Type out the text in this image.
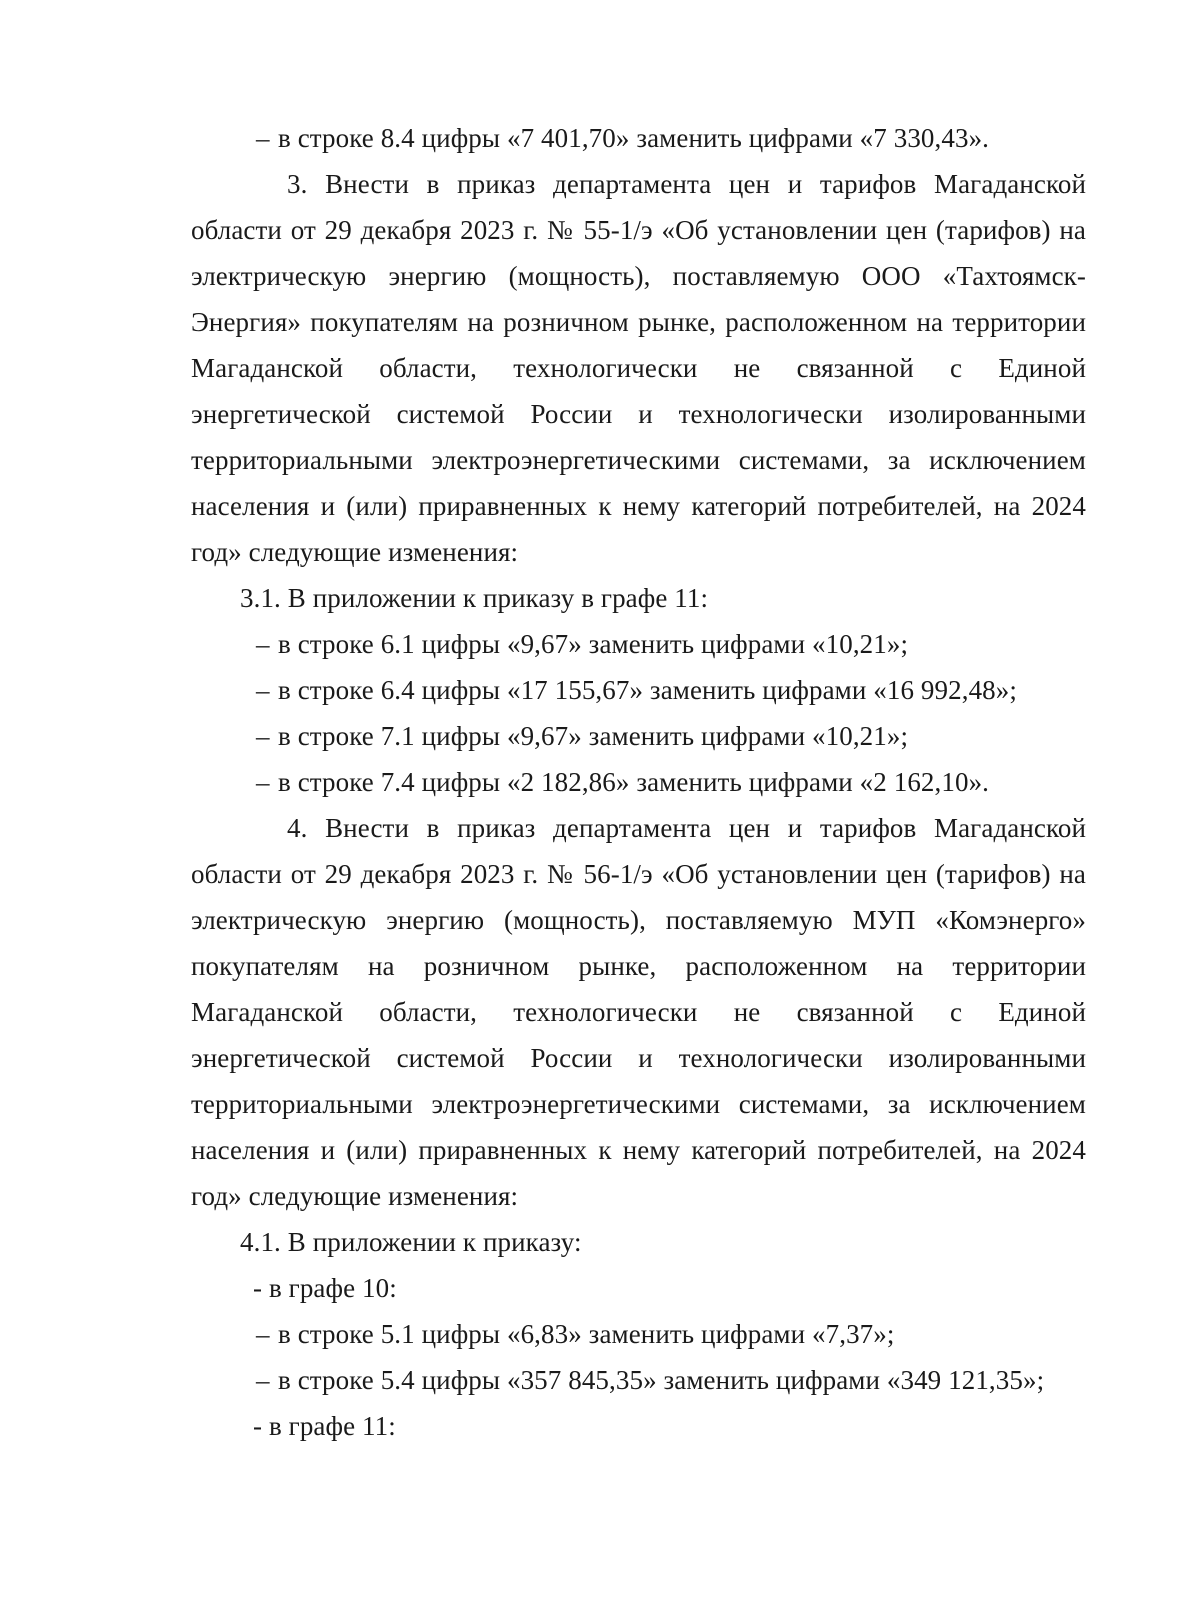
– в строке 8.4 цифры «7 401,70» заменить цифрами «7 330,43».
3. Внести в приказ департамента цен и тарифов Магаданской
области от 29 декабря 2023 г. № 55-1/э «Об установлении цен (тарифов) на
электрическую энергию (мощность), поставляемую ООО «Тахтоямск-
Энергия» покупателям на розничном рынке, расположенном на территории
Магаданской области, технологически не связанной с Единой
энергетической системой России и технологически изолированными
территориальными электроэнергетическими системами, за исключением
населения и (или) приравненных к нему категорий потребителей, на 2024
год» следующие изменения:
3.1. В приложении к приказу в графе 11:
– в строке 6.1 цифры «9,67» заменить цифрами «10,21»;
– в строке 6.4 цифры «17 155,67» заменить цифрами «16 992,48»;
– в строке 7.1 цифры «9,67» заменить цифрами «10,21»;
– в строке 7.4 цифры «2 182,86» заменить цифрами «2 162,10».
4. Внести в приказ департамента цен и тарифов Магаданской
области от 29 декабря 2023 г. № 56-1/э «Об установлении цен (тарифов) на
электрическую энергию (мощность), поставляемую МУП «Комэнерго»
покупателям на розничном рынке, расположенном на территории
Магаданской области, технологически не связанной с Единой
энергетической системой России и технологически изолированными
территориальными электроэнергетическими системами, за исключением
населения и (или) приравненных к нему категорий потребителей, на 2024
год» следующие изменения:
4.1. В приложении к приказу:
- в графе 10:
– в строке 5.1 цифры «6,83» заменить цифрами «7,37»;
– в строке 5.4 цифры «357 845,35» заменить цифрами «349 121,35»;
- в графе 11:
